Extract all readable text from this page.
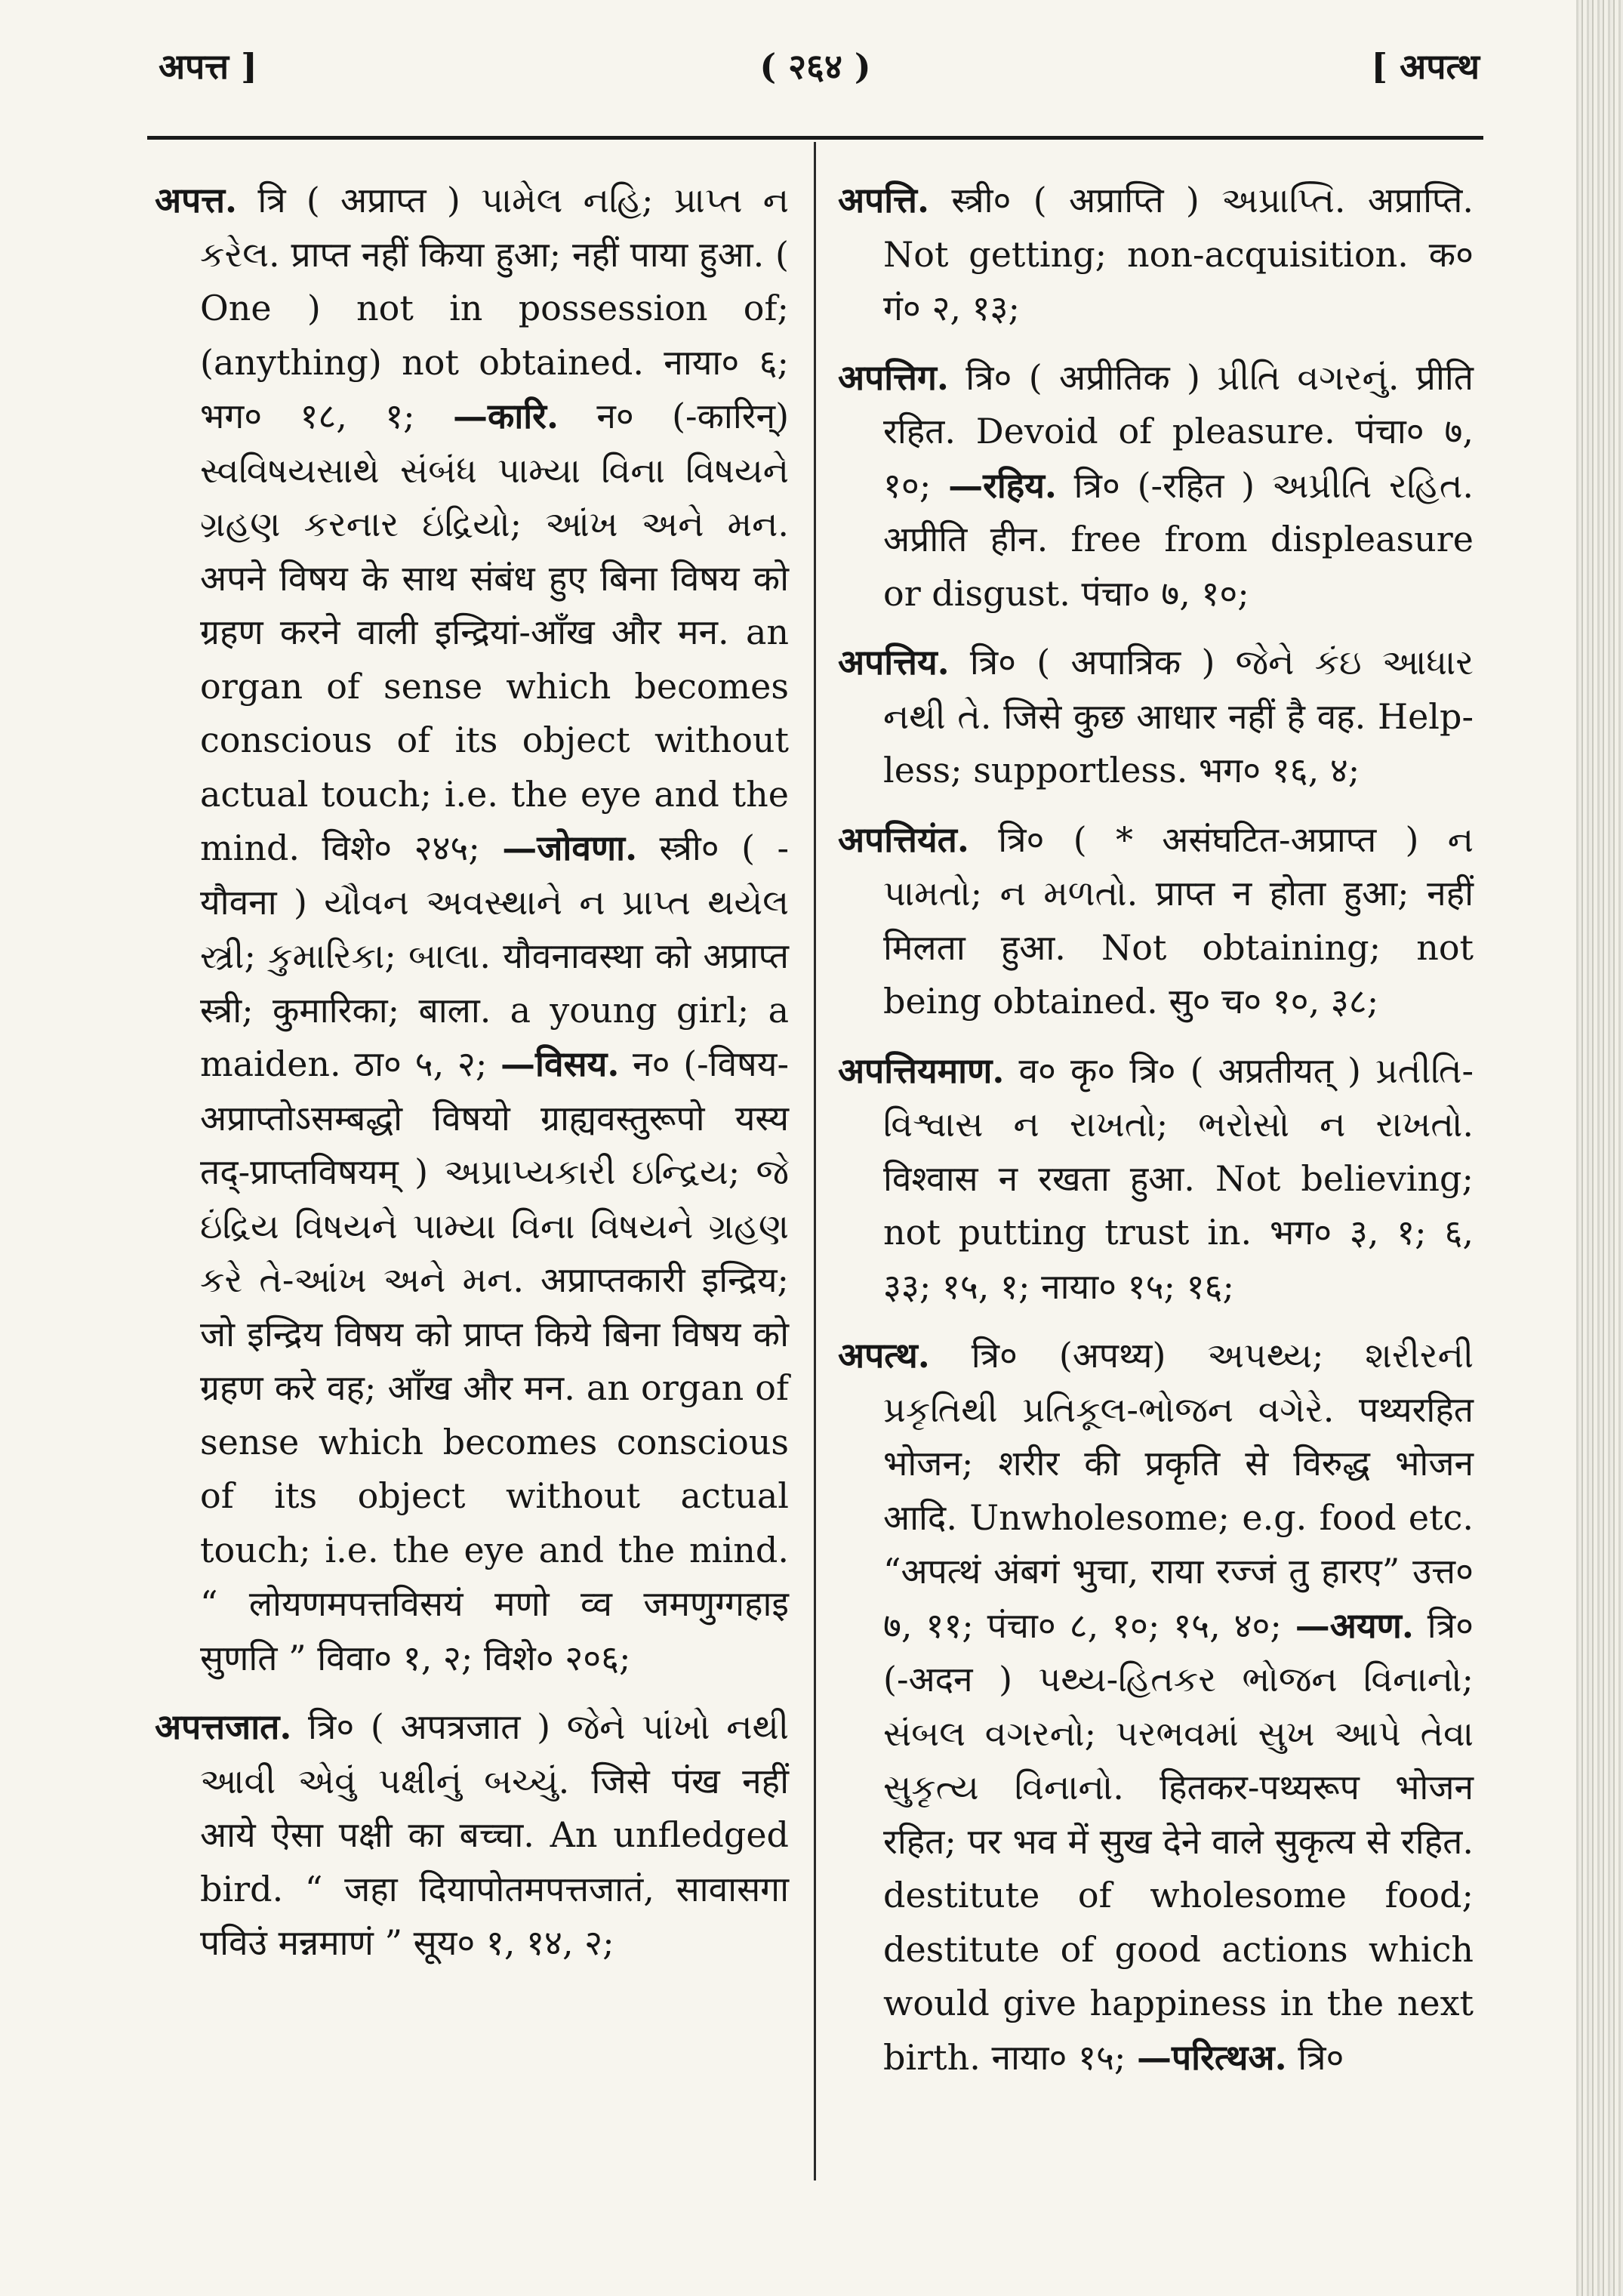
अपत्त ]	( २६४ )	[ अपत्थ

अपत्त. त्रि ( अप्राप्त ) પામેલ નહિ; પ્રાપ્ત ન કરેલ. प्राप्त नहीं किया हुआ; नहीं पाया हुआ. ( One ) not in possession of; (anything) not obtained. नाया० ६; भग० १८, १; —कारि. न० (-कारिन्) સ્વવિષયસાથે સંબંધ પામ્યા વિના વિષયને ગ્રહણ કરનાર ઇંદ્રિયો; આંખ અને મન. अपने विषय के साथ संबंध हुए बिना विषय को ग्रहण करने वाली इन्द्रियां-आँख और मन. an organ of sense which becomes conscious of its object without actual touch; i.e. the eye and the mind. विशे० २४५; —जोवणा. स्त्री० ( -यौवना ) યૌવન અવસ્થાને ન પ્રાપ્ત થયેલ સ્ત્રી; કુમારિકા; બાલા. यौवनावस्था को अप्राप्त स्त्री; कुमारिका; बाला. a young girl; a maiden. ठा० ५, २; —विसय. न० (-विषय-अप्राप्तोऽसम्बद्धो विषयो ग्राह्यवस्तुरूपो यस्य तद्-प्राप्तविषयम् ) અપ્રાપ્યકારી ઇન્દ્રિય; જે ઇંદ્રિય વિષયને પામ્યા વિના વિષયને ગ્રહણ કરે તે-આંખ અને મન. अप्राप्तकारी इन्द्रिय; जो इन्द्रिय विषय को प्राप्त किये बिना विषय को ग्रहण करे वह; आँख और मन. an organ of sense which becomes conscious of its object without actual touch; i.e. the eye and the mind. “ लोयणमपत्तविसयं मणो व्व जमणुग्गहाइ सुणति ” विवा० १, २; विशे० २०६;

अपत्तजात. त्रि० ( अपत्रजात ) જેને પાંખો નથી આવી એવું પક્ષીનું બચ્ચું. जिसे पंख नहीं आये ऐसा पक्षी का बच्चा. An unfledged bird. “ जहा दियापोतमपत्तजातं, सावासगा पविउं मन्नमाणं ” सूय० १, १४, २;

अपत्ति. स्त्री० ( अप्राप्ति ) અપ્રાપ્તિ. अप्राप्ति. Not getting; non-acquisition. क० गं० २, १३;

अपत्तिग. त्रि० ( अप्रीतिक ) પ્રીતિ વગરનું. प्रीति रहित. Devoid of pleasure. पंचा० ७, १०; —रहिय. त्रि० (-रहित ) અપ્રીતિ રહિત. अप्रीति हीन. free from displeasure or disgust. पंचा० ७, १०;

अपत्तिय. त्रि० ( अपात्रिक ) જેને કંઇ આધાર નથી તે. जिसे कुछ आधार नहीं है वह. Help-less; supportless. भग० १६, ४;

अपत्तियंत. त्रि० ( * असंघटित-अप्राप्त ) ન પામતો; ન મળતો. प्राप्त न होता हुआ; नहीं मिलता हुआ. Not obtaining; not being obtained. सु० च० १०, ३८;

अपत्तियमाण. व० कृ० त्रि० ( अप्रतीयत् ) પ્રતીતિ-વિશ્વાસ ન રાખતો; ભરોસો ન રાખતો. विश्वास न रखता हुआ. Not believing; not putting trust in. भग० ३, १; ६, ३३; १५, १; नाया० १५; १६;

अपत्थ. त्रि० (अपथ्य) અપથ્ય; શરીરની પ્રકૃતિથી પ્રતિકૂલ-ભોજન વગેરે. पथ्यरहित भोजन; शरीर की प्रकृति से विरुद्ध भोजन आदि. Unwholesome; e.g. food etc. “अपत्थं अंबगं भुचा, राया रज्जं तु हारए” उत्त० ७, ११; पंचा० ८, १०; १५, ४०; —अयण. त्रि० (-अदन ) પથ્ય-હિતકર ભોજન વિનાનો; સંબલ વગરનો; પરભવમાં સુખ આપે તેવા સુકૃત્ય વિનાનો. हितकर-पथ्यरूप भोजन रहित; पर भव में सुख देने वाले सुकृत्य से रहित. destitute of wholesome food; destitute of good actions which would give happiness in the next birth. नाया० १५; —परित्थअ. त्रि०
